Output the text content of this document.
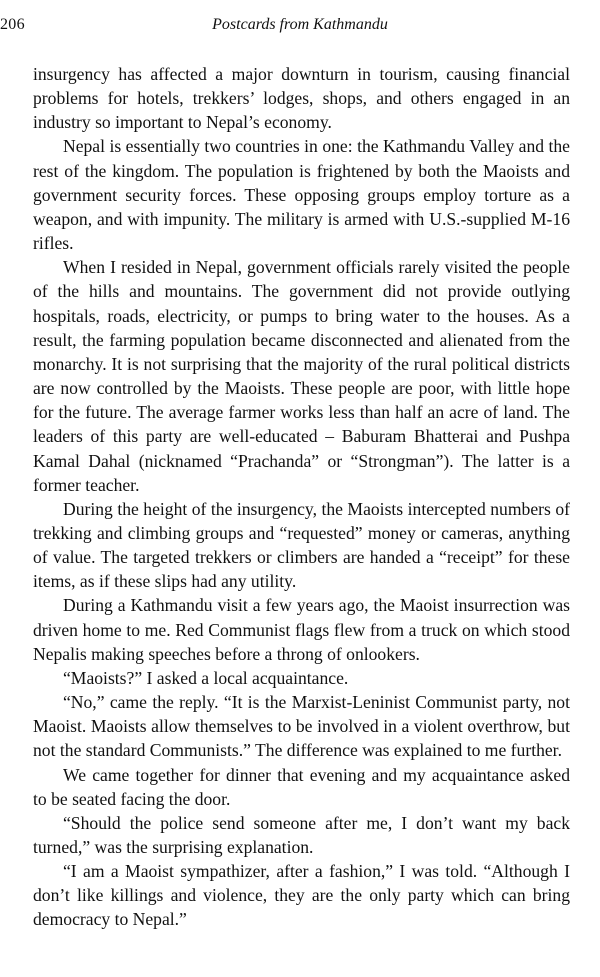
206	Postcards from Kathmandu

insurgency has affected a major downturn in tourism, causing financial problems for hotels, trekkers’ lodges, shops, and others engaged in an industry so important to Nepal’s economy.

Nepal is essentially two countries in one: the Kathmandu Valley and the rest of the kingdom. The population is frightened by both the Maoists and government security forces. These opposing groups employ torture as a weapon, and with impunity. The military is armed with U.S.-supplied M-16 rifles.

When I resided in Nepal, government officials rarely visited the people of the hills and mountains. The government did not provide outlying hospitals, roads, electricity, or pumps to bring water to the houses. As a result, the farming population became disconnected and alienated from the monarchy. It is not surprising that the majority of the rural political districts are now controlled by the Maoists. These people are poor, with little hope for the future. The average farmer works less than half an acre of land. The leaders of this party are well-educated – Baburam Bhatterai and Pushpa Kamal Dahal (nicknamed “Prachanda” or “Strongman”). The latter is a former teacher.

During the height of the insurgency, the Maoists intercepted numbers of trekking and climbing groups and “requested” money or cameras, anything of value. The targeted trekkers or climbers are handed a “receipt” for these items, as if these slips had any utility.

During a Kathmandu visit a few years ago, the Maoist insurrection was driven home to me. Red Communist flags flew from a truck on which stood Nepalis making speeches before a throng of onlookers.

“Maoists?” I asked a local acquaintance.

“No,” came the reply. “It is the Marxist-Leninist Communist party, not Maoist. Maoists allow themselves to be involved in a violent overthrow, but not the standard Communists.” The difference was explained to me further.

We came together for dinner that evening and my acquaintance asked to be seated facing the door.

“Should the police send someone after me, I don’t want my back turned,” was the surprising explanation.

“I am a Maoist sympathizer, after a fashion,” I was told. “Although I don’t like killings and violence, they are the only party which can bring democracy to Nepal.”
